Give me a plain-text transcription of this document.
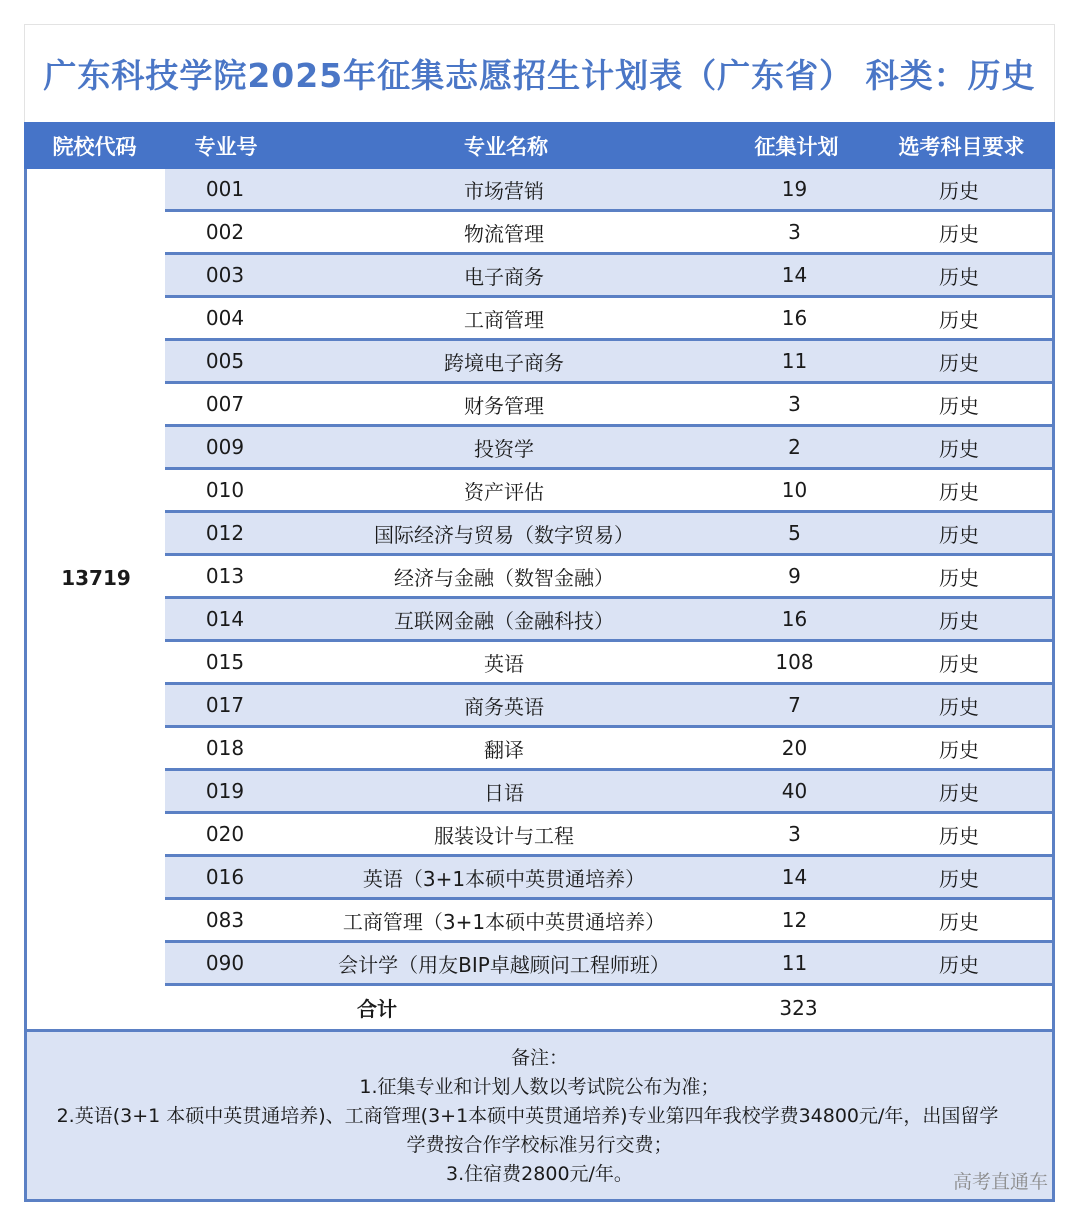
广东科技学院2025年征集志愿招生计划表（广东省） 科类：历史
院校代码	专业号	专业名称	征集计划	选考科目要求
13719
001	市场营销	19	历史
002	物流管理	3	历史
003	电子商务	14	历史
004	工商管理	16	历史
005	跨境电子商务	11	历史
007	财务管理	3	历史
009	投资学	2	历史
010	资产评估	10	历史
012	国际经济与贸易（数字贸易）	5	历史
013	经济与金融（数智金融）	9	历史
014	互联网金融（金融科技）	16	历史
015	英语	108	历史
017	商务英语	7	历史
018	翻译	20	历史
019	日语	40	历史
020	服装设计与工程	3	历史
016	英语（3+1本硕中英贯通培养）	14	历史
083	工商管理（3+1本硕中英贯通培养）	12	历史
090	会计学（用友BIP卓越顾问工程师班）	11	历史
合计	323
备注：
1.征集专业和计划人数以考试院公布为准；
2.英语(3+1 本硕中英贯通培养)、工商管理(3+1本硕中英贯通培养)专业第四年我校学费34800元/年，出国留学
学费按合作学校标准另行交费；
3.住宿费2800元/年。	高考直通车
